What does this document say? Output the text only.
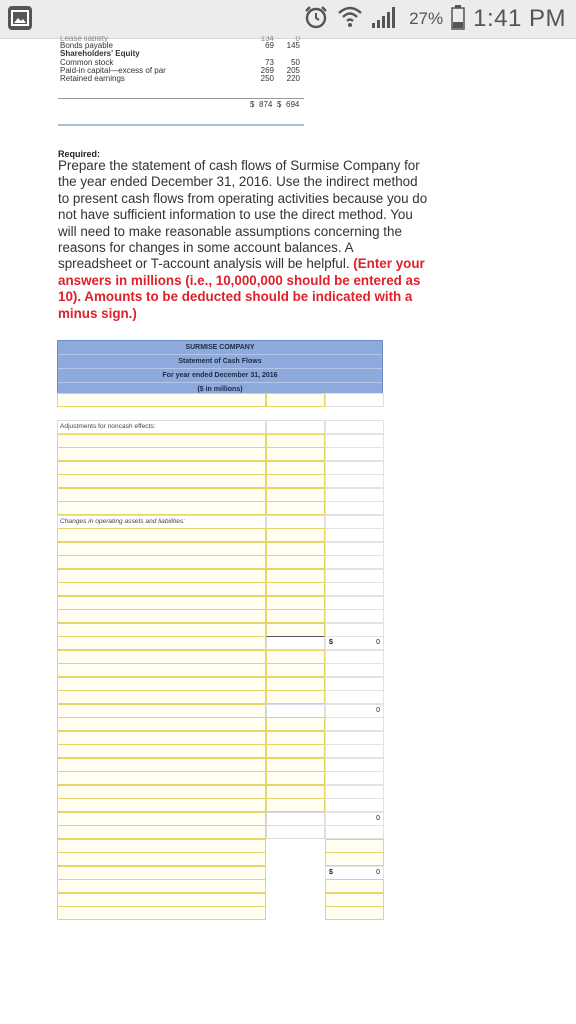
27% 1:41 PM
Lease liability	134	0
Bonds payable	69	145
Shareholders' Equity
Common stock	73	50
Paid-in capital—excess of par	269	205
Retained earnings	250	220
$ 874 $ 694
Required:
Prepare the statement of cash flows of Surmise Company for the year ended December 31, 2016. Use the indirect method to present cash flows from operating activities because you do not have sufficient information to use the direct method. You will need to make reasonable assumptions concerning the reasons for changes in some account balances. A spreadsheet or T-account analysis will be helpful. (Enter your answers in millions (i.e., 10,000,000 should be entered as 10). Amounts to be deducted should be indicated with a minus sign.)
SURMISE COMPANY
Statement of Cash Flows
For year ended December 31, 2016
($ in millions)
Adjustments for noncash effects:
Changes in operating assets and liabilities:
$	0
0
0
$	0
